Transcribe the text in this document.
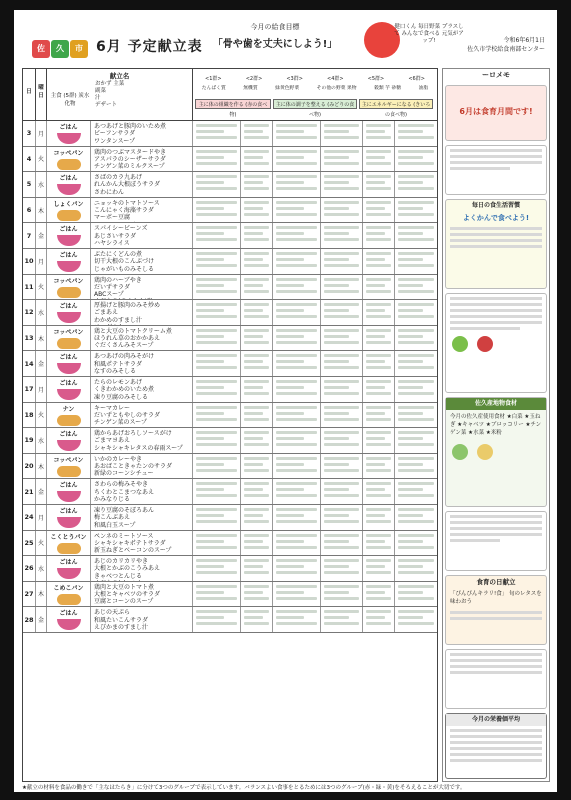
佐	久	市 6月 予定献立表
今月の給食目標
「骨や歯を丈夫にしよう!」
健口くん 毎日野菜 プラスして みんなで食べる 元気がアップ!	令和6年6月1日
佐久市学校給食南部センター
日
曜日
献立名
主食 (5群) 炭水化物
おかず 主菜
副菜
汁
デザート
<1群>	<2群>	<3群>	<4群>	<5群>	<6群>
たんぱく質	無機質	緑黄色野菜	その他の野菜 果物	穀類 芋 砂糖	油脂
主に体の組織を作る (赤の食べ物)
主に体の調子を整える (みどりの食べ物)
主にエネルギーになる (きいろの食べ物)
3	月
ごはん	あつあげと豚肉のいため煮
ビーフンサラダ
ワンタンスープ
4	火
コッペパン	鶏肉のつぶマスタードやき
アスパラのシーザーサラダ
チンゲン菜のミルクスープ
5	水
ごはん	さばのカラ九あげ
れんかん大根ぼうサラダ
さわにわん
6	木
しょくパン	ニョッキのトマトソース
こんにゃく海藻サラダ
マーボー豆腐
7	金
ごはん	スパイシービーンズ
あじさいサラダ
ハヤシライス
10 月
ごはん	ぶたにくどんの煮
切干大根のこんぶづけ
じゃがいものみそしる
11 火
コッペパン	鶏肉のハーブやき
だいずサラダ
ABCスープ
12 水
ごはん	厚揚げと豚肉のみそ炒め
ごまあえ
わかめのすまし汁
13 木
コッペパン	鶏と大豆のトマトクリーム煮
ほうれん草のおかかあえ
ぐだくさんみそスープ
14 金
ごはん	あつあげの肉みそがけ
和風ポテトサラダ
なすのみそしる
17 月
ごはん	たらのレモンあげ
くきわかめのいため煮
凍り豆腐のみそしる
18 火
ナン	キーマカレー
だいずともやしのサラダ
チンゲン菜のスープ
19 水
ごはん	鶏からあげおろしソースがけ
ごまマヨあえ
シャキシャキレタスの春雨スープ
20 木
コッペパン	いかのカレーやき
あおばこときゃたンのサラダ
新緑のコーンシチュー
21 金
ごはん	さわらの梅みそやき
ちくわとこまつなあえ
かみなりじる
24 月
ごはん	凍り豆腐のそぼろあん
梅こんぶあえ
和風白玉スープ
25 火
こくとうパン	ペンネのミートソース
シャキシャキポテトサラダ
新玉ねぎとベーコンのスープ
26 水
ごはん	あじのカリカリやき
大根とかぶのこうみあえ
きゃべつとんじる
27 木
こめこパン	鶏肉と大豆のトマト煮
大根とキャベツのサラダ
豆腐とコーンのスープ
28 金
ごはん	あじの天ぷら
和風たいこんサラダ
えびかまのすまし汁
ーロメモ
6月は食育月間です!
毎日の食生活習慣
よくかんで食べよう!

佐久産地物食材
今月の佐久産使用食材 ★白菜 ★玉ねぎ ★キャベツ ★ブロッコリー ★チンゲン菜 ★水菜 ★米粉

食育の日献立
「ぴんぴんキラリ!食」 旬のレタスを味わおう
今月の栄養価平均
★献立の材料を食品の働きで「主なはたらき」に分けて3つのグループで表示しています。バランスよい食事をとるためには3つのグループ(赤・緑・黄)をそろえることが大切です。
